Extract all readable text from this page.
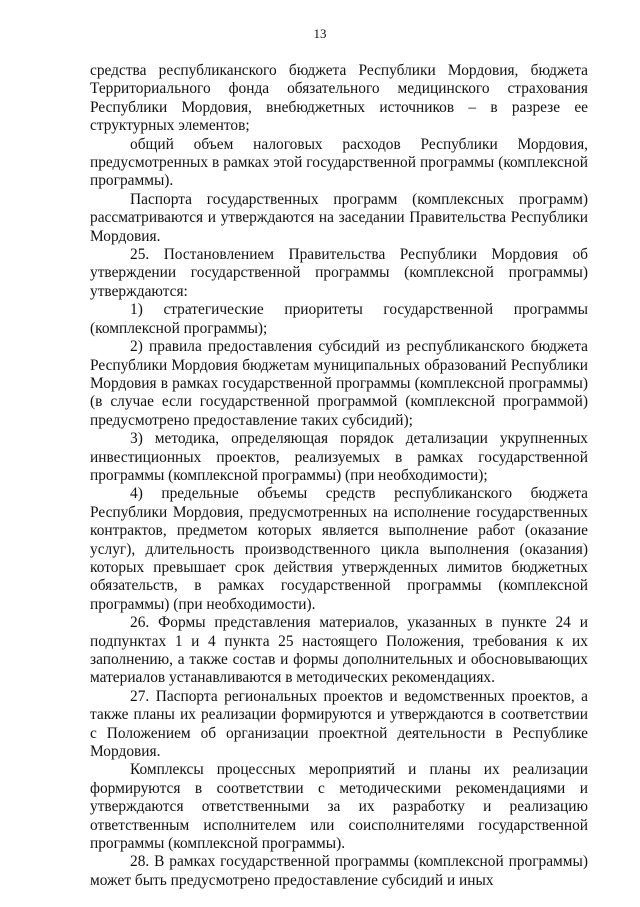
13

средства республиканского бюджета Республики Мордовия, бюджета Территориального фонда обязательного медицинского страхования Республики Мордовия, внебюджетных источников – в разрезе ее структурных элементов;

общий объем налоговых расходов Республики Мордовия, предусмотренных в рамках этой государственной программы (комплексной программы).

Паспорта государственных программ (комплексных программ) рассматриваются и утверждаются на заседании Правительства Республики Мордовия.

25. Постановлением Правительства Республики Мордовия об утверждении государственной программы (комплексной программы) утверждаются:

1) стратегические приоритеты государственной программы (комплексной программы);

2) правила предоставления субсидий из республиканского бюджета Республики Мордовия бюджетам муниципальных образований Республики Мордовия в рамках государственной программы (комплексной программы) (в случае если государственной программой (комплексной программой) предусмотрено предоставление таких субсидий);

3) методика, определяющая порядок детализации укрупненных инвестиционных проектов, реализуемых в рамках государственной программы (комплексной программы) (при необходимости);

4) предельные объемы средств республиканского бюджета Республики Мордовия, предусмотренных на исполнение государственных контрактов, предметом которых является выполнение работ (оказание услуг), длительность производственного цикла выполнения (оказания) которых превышает срок действия утвержденных лимитов бюджетных обязательств, в рамках государственной программы (комплексной программы) (при необходимости).

26. Формы представления материалов, указанных в пункте 24 и подпунктах 1 и 4 пункта 25 настоящего Положения, требования к их заполнению, а также состав и формы дополнительных и обосновывающих материалов устанавливаются в методических рекомендациях.

27. Паспорта региональных проектов и ведомственных проектов, а также планы их реализации формируются и утверждаются в соответствии с Положением об организации проектной деятельности в Республике Мордовия.

Комплексы процессных мероприятий и планы их реализации формируются в соответствии с методическими рекомендациями и утверждаются ответственными за их разработку и реализацию ответственным исполнителем или соисполнителями государственной программы (комплексной программы).

28. В рамках государственной программы (комплексной программы) может быть предусмотрено предоставление субсидий и иных
